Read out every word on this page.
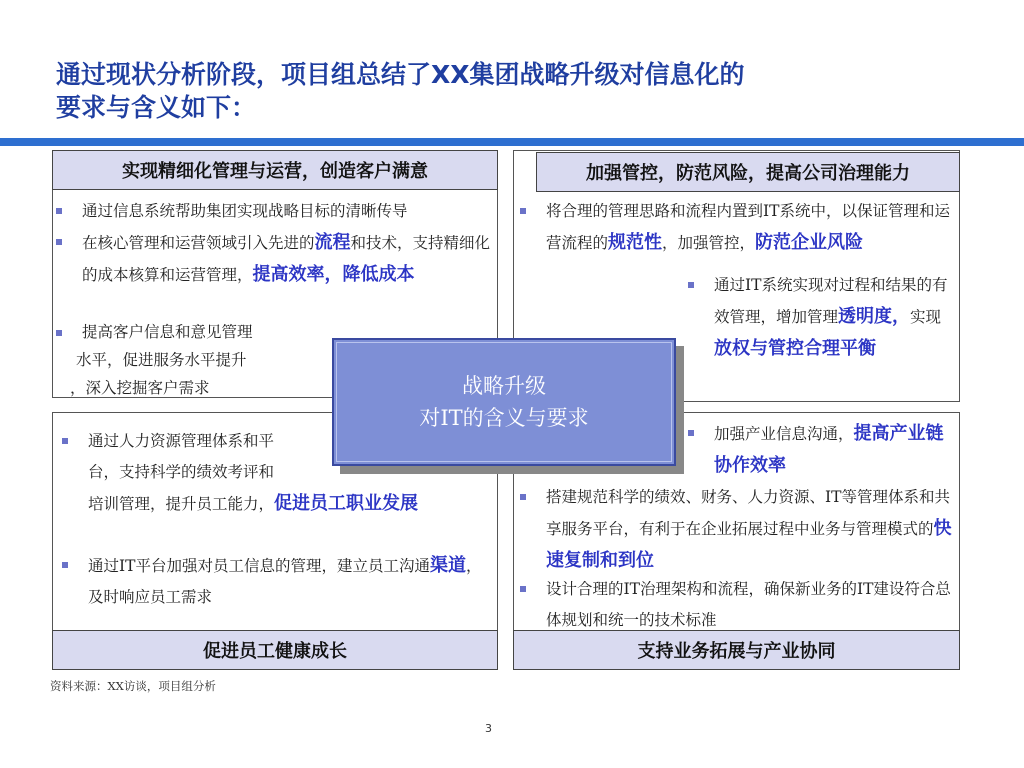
通过现状分析阶段，项目组总结了XX集团战略升级对信息化的
要求与含义如下：
实现精细化管理与运营，创造客户满意
通过信息系统帮助集团实现战略目标的清晰传导
在核心管理和运营领域引入先进的流程和技术，支持精细化的成本核算和运营管理，提高效率，降低成本
提高客户信息和意见管理
水平，促进服务水平提升
，深入挖掘客户需求
加强管控，防范风险，提高公司治理能力
将合理的管理思路和流程内置到IT系统中，以保证管理和运营流程的规范性，加强管控，防范企业风险
通过IT系统实现对过程和结果的有效管理，增加管理透明度，实现放权与管控合理平衡
通过人力资源管理体系和平
台，支持科学的绩效考评和
培训管理，提升员工能力，促进员工职业发展
通过IT平台加强对员工信息的管理，建立员工沟通渠道，及时响应员工需求
促进员工健康成长
加强产业信息沟通，提高产业链协作效率
搭建规范科学的绩效、财务、人力资源、IT等管理体系和共享服务平台，有利于在企业拓展过程中业务与管理模式的快速复制和到位
设计合理的IT治理架构和流程，确保新业务的IT建设符合总体规划和统一的技术标准
支持业务拓展与产业协同
战略升级
对IT的含义与要求
资料来源：XX访谈，项目组分析
3
